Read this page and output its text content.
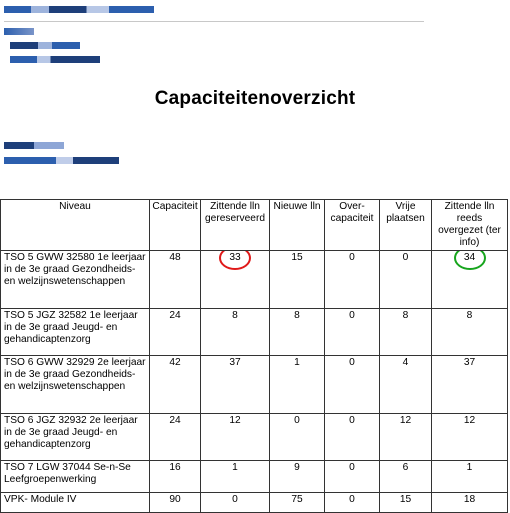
Capaciteitenoverzicht
Niveau	Capaciteit	Zittende lln gereserveerd	Nieuwe lln	Over-capaciteit	Vrije plaatsen	Zittende lln reeds overgezet (ter info)
TSO 5 GWW 32580 1e leerjaar in de 3e graad Gezondheids- en welzijnswetenschappen	48	33	15	0	0	34

TSO 5 JGZ 32582 1e leerjaar in de 3e graad Jeugd- en gehandicaptenzorg	24	8	8	0	8	8
TSO 6 GWW 32929 2e leerjaar in de 3e graad Gezondheids- en welzijnswetenschappen	42	37	1	0	4	37
TSO 6 JGZ 32932 2e leerjaar in de 3e graad Jeugd- en gehandicaptenzorg	24	12	0	0	12	12
TSO 7 LGW 37044 Se-n-Se Leefgroepenwerking	16	1	9	0	6	1
VPK- Module IV	90	0	75	0	15	18
